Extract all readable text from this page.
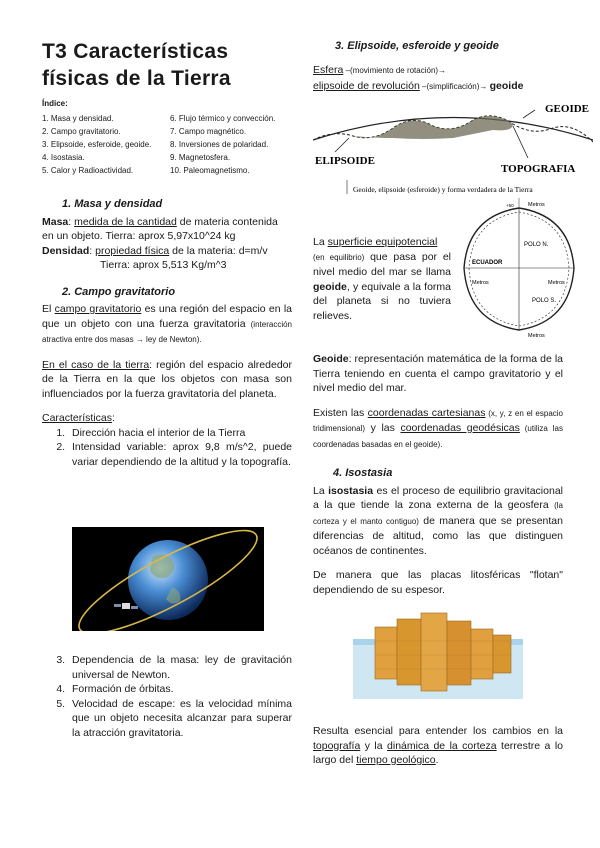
T3 Características físicas de la Tierra
Índice:
1. Masa y densidad.
2. Campo gravitatorio.
3. Elipsoide, esferoide, geoide.
4. Isostasia.
5. Calor y Radioactividad.
6. Flujo térmico y convección.
7. Campo magnético.
8. Inversiones de polaridad.
9. Magnetosfera.
10. Paleomagnetismo.

1. Masa y densidad

Masa: medida de la cantidad de materia contenida en un objeto. Tierra: aprox 5,97x10^24 kg

Densidad: propiedad física de la materia: d=m/v

Tierra: aprox 5,513 Kg/m^3

2. Campo gravitatorio

El campo gravitatorio es una región del espacio en la que un objeto con una fuerza gravitatoria (interacción atractiva entre dos masas → ley de Newton).

En el caso de la tierra: región del espacio alrededor de la Tierra en la que los objetos con masa son influenciados por la fuerza gravitatoria del planeta.

Características:

1. Dirección hacia el interior de la Tierra
2. Intensidad variable: aprox 9,8 m/s^2, puede variar dependiendo de la altitud y la topografía.
3. Dependencia de la masa: ley de gravitación universal de Newton.
4. Formación de órbitas.
5. Velocidad de escape: es la velocidad mínima que un objeto necesita alcanzar para superar la atracción gravitatoria.

3. Elipsoide, esferoide y geoide

Esfera –(movimiento de rotación)→

elipsoide de revolución –(simplificación)→ geoide

GEOIDE
ELIPSOIDE
TOPOGRAFIA
Geoide, elipsoide (esferoide) y forma verdadera de la Tierra
Metros
+50
POLO N.
ECUADOR
Metros	Metros
POLO S.
Metros
La superficie equipotencial
(en equilibrio) que pasa por el nivel medio del mar se llama geoide, y equivale a la forma del planeta si no tuviera relieves.

Geoide: representación matemática de la forma de la Tierra teniendo en cuenta el campo gravitatorio y el nivel medio del mar.

Existen las coordenadas cartesianas (x, y, z en el espacio tridimensional) y las coordenadas geodésicas (utiliza las coordenadas basadas en el geoide).

4. Isostasia

La isostasia es el proceso de equilibrio gravitacional a la que tiende la zona externa de la geosfera (la corteza y el manto contiguo) de manera que se presentan diferencias de altitud, como las que distinguen océanos de continentes.

De manera que las placas litosféricas "flotan" dependiendo de su espesor.

Resulta esencial para entender los cambios en la topografía y la dinámica de la corteza terrestre a lo largo del tiempo geológico.
